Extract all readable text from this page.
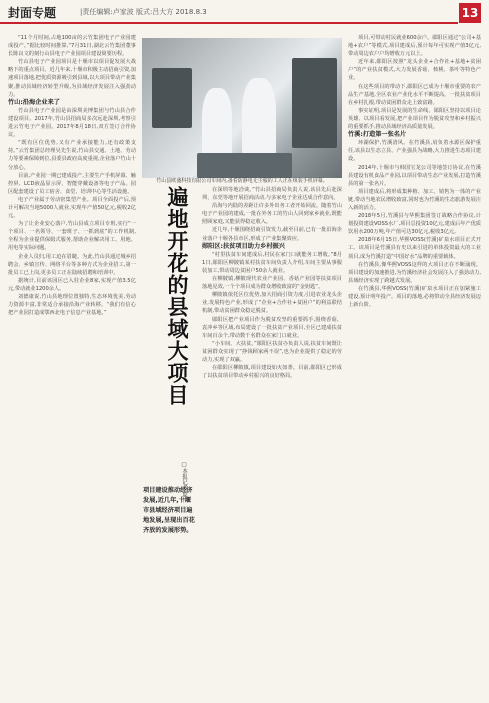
封面专题	|责任编辑:卢家波 版式:吕大方 2018.8.3	13

“11个月时间,占地100亩的云竹集团电子产业园建成投产。”据比较时间推算,“7月31日,湖北云竹集团董事长陈良文的刻行山县电子产业园项目建设简要历程。

竹山县电子产业园项目是十堰市以项目促发展大战略下的重点项目。近几年来,十堰市积极主动招商引资,加速项目落地,把优质资源吸引到县域,以大项目带动产业集聚,推动县域经济转型升级,为县域经济发展注入强劲动力。

竹山:沿海企业来了

竹山县电子产业园是由深圳美博集团与竹山县合作建设项目。2017年,竹山县招商局多次远赴深圳,考察引进云竹电子产业园。2017年8月18日,双方签订合作协议。

“既有区位优势,又有产业承接能力,还有政策支持。”云竹集团总经理吴先生说,竹山县交通、土地、劳动力等要素保障到位,县委县政府高度重视,企业落户竹山十分放心。

目前,产业园一期已建成投产,主要生产手机屏幕、触控屏、LCD液晶显示屏、智能穿戴设备等电子产品。园区配套建设了员工宿舍、食堂、培训中心等生活设施。

电子产业属于劳动密集型产业。项目全面投产后,预计可解决当地5000人就业,实现年产值50亿元,税收2亿元。

为了让企业安心落户,竹山县成立项目专班,实行“一个项目、一名领导、一套班子、一抓到底”的工作机制,全程为企业提供保姆式服务,帮助企业解决用工、用地、用电等实际问题。

企业人员归,用工迫在眉睫。为此,竹山县通过城乡招聘会、乡镇宣传、网络平台等多种方式为企业招工,第一批员工已上岗,更多员工正在陆续招聘和培训中。

据统计,目前该园区已入驻企业8家,实现产值3.5亿元,带动就业1200余人。

刘德康说,竹山县地理位置独特,生态环境优美,劳动力资源丰富,非常适合承接沿海产业转移。“我们有信心把产业园打造成鄂西北电子信息产业基地。”

竹山县欧盛科技有限公司车间内,备着防静电无尘服的工人正在组装手机屏幕。
遍地开花的县域大项目
□本报记者 夏伟
项目建设推动经济发展,近几年,十堰市县域经济项目遍地发展,呈现出百花齐放的发展形势。

在深圳等地洽谈。”竹山县招商局负责人说,该县先后赴深圳、东莞等地开展招商活动,与多家电子企业达成合作意向。

沿海与内陆的差距让许多外出务工者开始回流。随着竹山电子产业园的建成,一批在外务工的竹山人回到家乡就业,既能照顾家庭,又能获得稳定收入。

近几年,十堰围绕招商引资发力,截至目前,已有一批沿海企业落户十堰各县市区,形成了产业集聚效应。

郧阳区:扶贫项目助力乡村振兴

“村里扶贫车间建成后,村民在家门口就能务工增收。”8月1日,郧阳区柳陂镇某村扶贫车间负责人介绍,车间主要从事服装加工,带动周边贫困户50余人就业。

在柳陂镇,柳陂现代农业产业园、香菇产业园等扶贫项目落地见效,一个个项目成为群众增收致富的“金钥匙”。

柳陂镇依托区位优势,加大招商引资力度,引进农业龙头企业,发展特色产业,形成了“企业+合作社+贫困户”的利益联结机制,带动贫困群众稳定脱贫。

郧阳区把产业项目作为脱贫攻坚的重要抓手,围绕香菇、袁冲乡等区域,布局建设了一批扶贫产业项目,全区已建成扶贫车间百余个,带动数千名群众在家门口就业。

“小车间、大扶贫。”郧阳区扶贫办负责人说,扶贫车间既让贫困群众实现了“挣钱顾家两不误”,也为企业提供了稳定的劳动力,实现了双赢。

在郧阳区柳陂镇,项目建设如火如荼。目前,郧阳区已形成了以扶贫项目带动乡村振兴的良好格局。

项目,可带动村民就业600余户。郧阳区通过“公司+基地+农户”等模式,项目建成后,预计每年可实现产值3亿元,带动周边农户户均增收万元以上。

近年来,郧阳区按照“龙头企业+合作社+基地+贫困户”的产业扶贫模式,大力发展香菇、核桃、茶叶等特色产业。

在这些项目的带动下,郧阳区已成为十堰市重要的农产品生产基地,全区农业产业化水平不断提高。一批扶贫项目在乡村扎根,带动贫困群众走上致富路。

事实证明,项目是发展的生命线。郧阳区坚持以项目论英雄、以项目看发展,把产业项目作为脱贫攻坚和乡村振兴的重要抓手,推动县域经济高质量发展。

竹溪:打造第一张名片

环湖保护,竹溪清风。在竹溪县,肩负着水源区保护重任,该县以生态立县、产业强县为战略,大力推进生态项目建设。

2014年,十堰市与韩国宝龙公司等地签订协议,在竹溪县建设有机食品产业园,以项目带动生态产业发展,打造竹溪县的第一张名片。

项目建成后,将形成集种植、加工、销售为一体的产业链,带动当地农民增收致富,同时也为竹溪的生态旅游发展注入新的活力。

2018年5月,竹溪县与华熙集团签订战略合作协议,计划投资建设VOSS水厂,项目总投资10亿元,建成后年产优质饮用水200万吨,年产值可达30亿元,税收3亿元。

2018年6月15日,华熙VOSS(竹溪)矿泉水项目正式开工。该项目是竹溪县有史以来引进的单体投资最大的工业项目,成为竹溪打造“中国好水”品牌的重要载体。

在竹溪县,像华熙VOSS这样的大项目正在不断涌现。项目建设的加速推进,为竹溪经济社会发展注入了强劲动力,县域经济实现了跨越式发展。

在竹溪县,华熙VOSS(竹溪)矿泉水项目正在加紧施工建设,预计明年投产。项目的落地,必将带动全县经济发展迈上新台阶。
